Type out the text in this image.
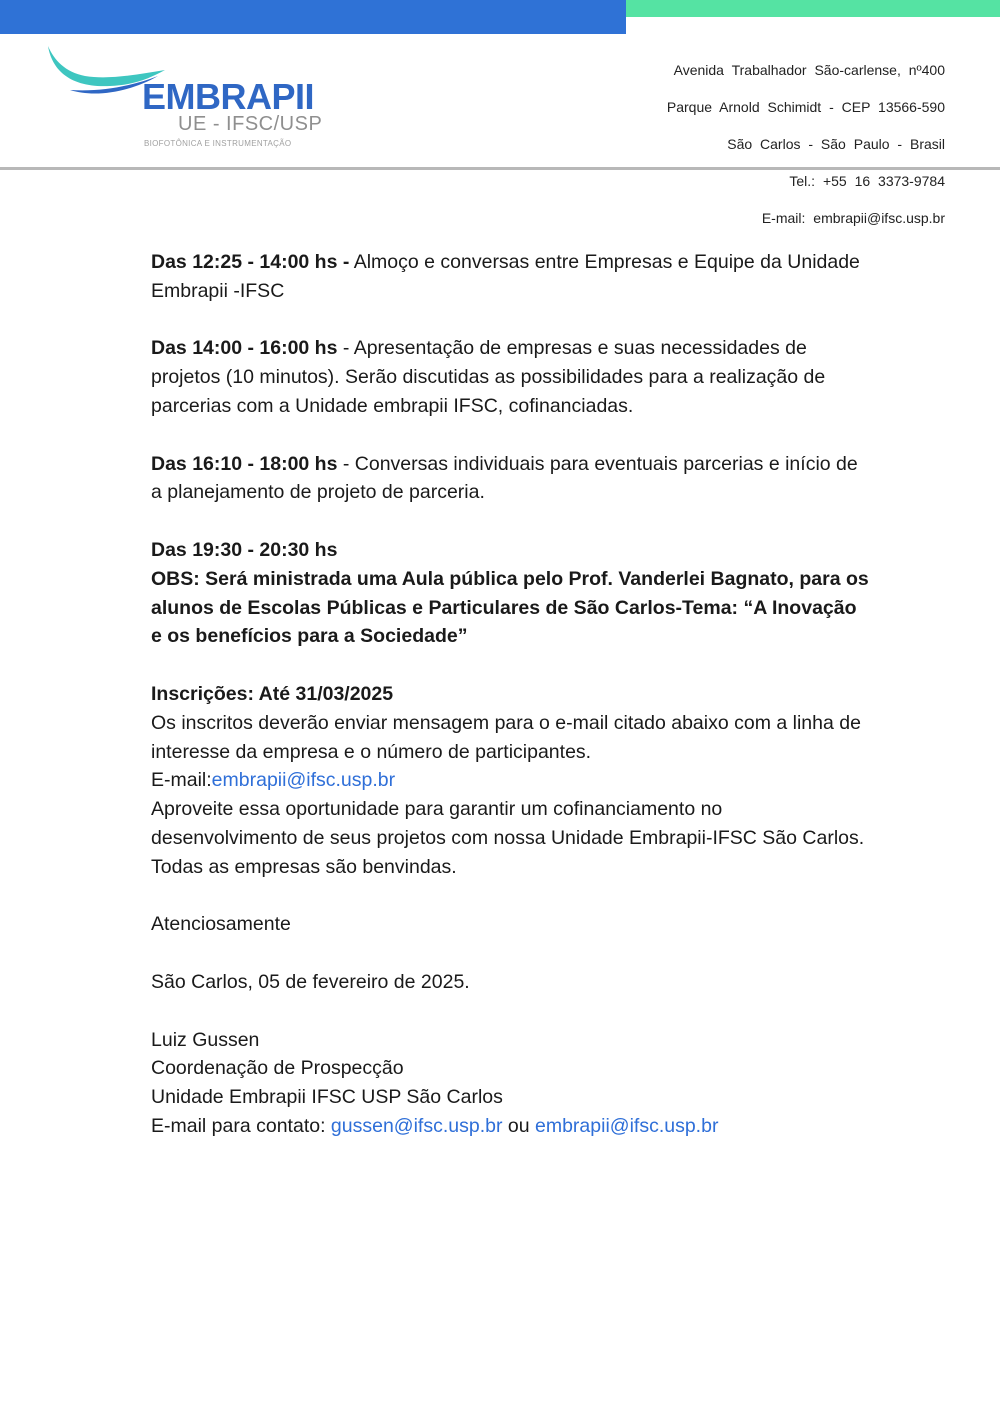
EMBRAPII
UE - IFSC/USP
BIOFOTÔNICA E INSTRUMENTAÇÃO
Avenida Trabalhador São-carlense, nº400
Parque Arnold Schimidt - CEP 13566-590
São Carlos - São Paulo - Brasil
Tel.: +55 16 3373-9784
E-mail: embrapii@ifsc.usp.br

Das 12:25 - 14:00 hs - Almoço e conversas entre Empresas e Equipe da Unidade Embrapii -IFSC

Das 14:00 - 16:00 hs - Apresentação de empresas e suas necessidades de projetos (10 minutos). Serão discutidas as possibilidades para a realização de parcerias com a Unidade embrapii IFSC, cofinanciadas.

Das 16:10 - 18:00 hs - Conversas individuais para eventuais parcerias e início de a planejamento de projeto de parceria.

Das 19:30 - 20:30 hs
OBS: Será ministrada uma Aula pública pelo Prof. Vanderlei Bagnato, para os alunos de Escolas Públicas e Particulares de São Carlos-Tema: “A Inovação e os benefícios para a Sociedade”

Inscrições: Até 31/03/2025
Os inscritos deverão enviar mensagem para o e-mail citado abaixo com a linha de interesse da empresa e o número de participantes.
E-mail:embrapii@ifsc.usp.br
Aproveite essa oportunidade para garantir um cofinanciamento no desenvolvimento de seus projetos com nossa Unidade Embrapii-IFSC São Carlos.
Todas as empresas são benvindas.

Atenciosamente

São Carlos, 05 de fevereiro de 2025.

Luiz Gussen
Coordenação de Prospecção
Unidade Embrapii IFSC USP São Carlos
E-mail para contato: gussen@ifsc.usp.br ou embrapii@ifsc.usp.br
